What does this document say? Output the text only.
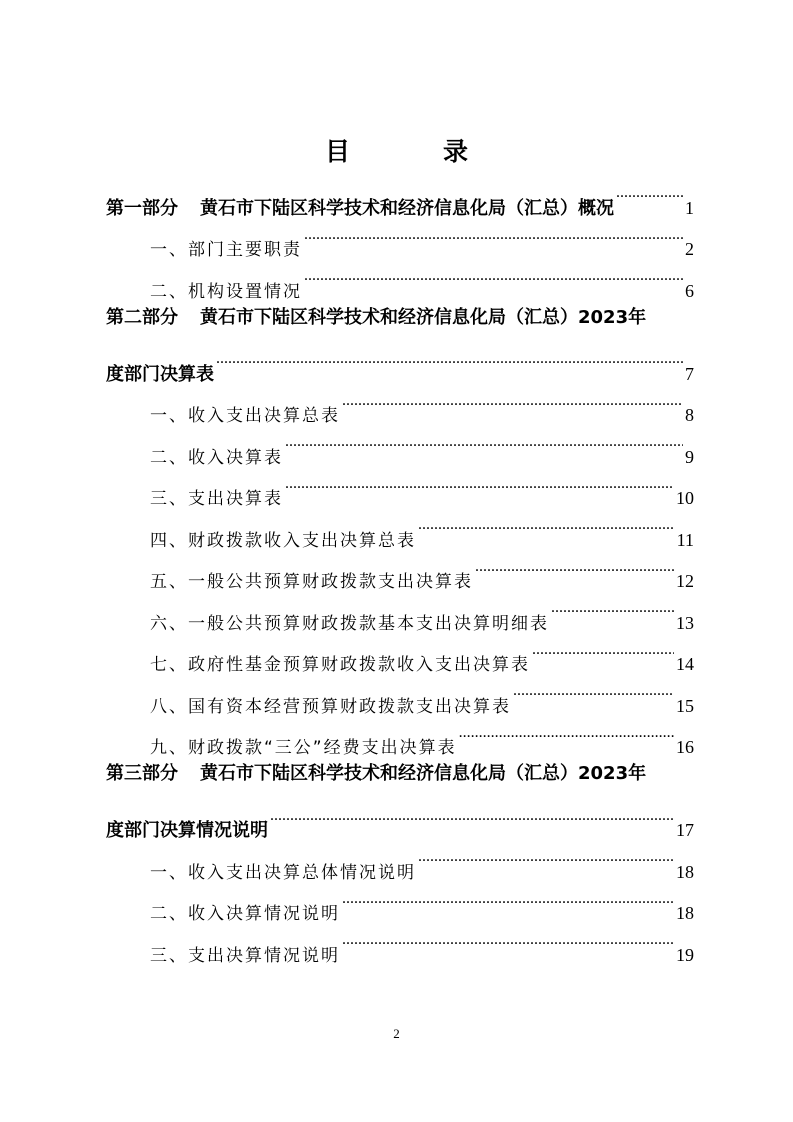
目　录
第一部分 黄石市下陆区科学技术和经济信息化局（汇总）概况 .....	1
一、部门主要职责 .....	2
二、机构设置情况 .....	6
第二部分 黄石市下陆区科学技术和经济信息化局（汇总）2023年
度部门决算表 .....	7
一、收入支出决算总表 .....	8
二、收入决算表 .....	9
三、支出决算表 .....	10
四、财政拨款收入支出决算总表 .....	11
五、一般公共预算财政拨款支出决算表 .....	12
六、一般公共预算财政拨款基本支出决算明细表 .....	13
七、政府性基金预算财政拨款收入支出决算表 .....	14
八、国有资本经营预算财政拨款支出决算表 .....	15
九、财政拨款“三公”经费支出决算表 .....	16
第三部分 黄石市下陆区科学技术和经济信息化局（汇总）2023年
度部门决算情况说明 .....	17
一、收入支出决算总体情况说明 .....	18
二、收入决算情况说明 .....	18
三、支出决算情况说明 .....	19
2
